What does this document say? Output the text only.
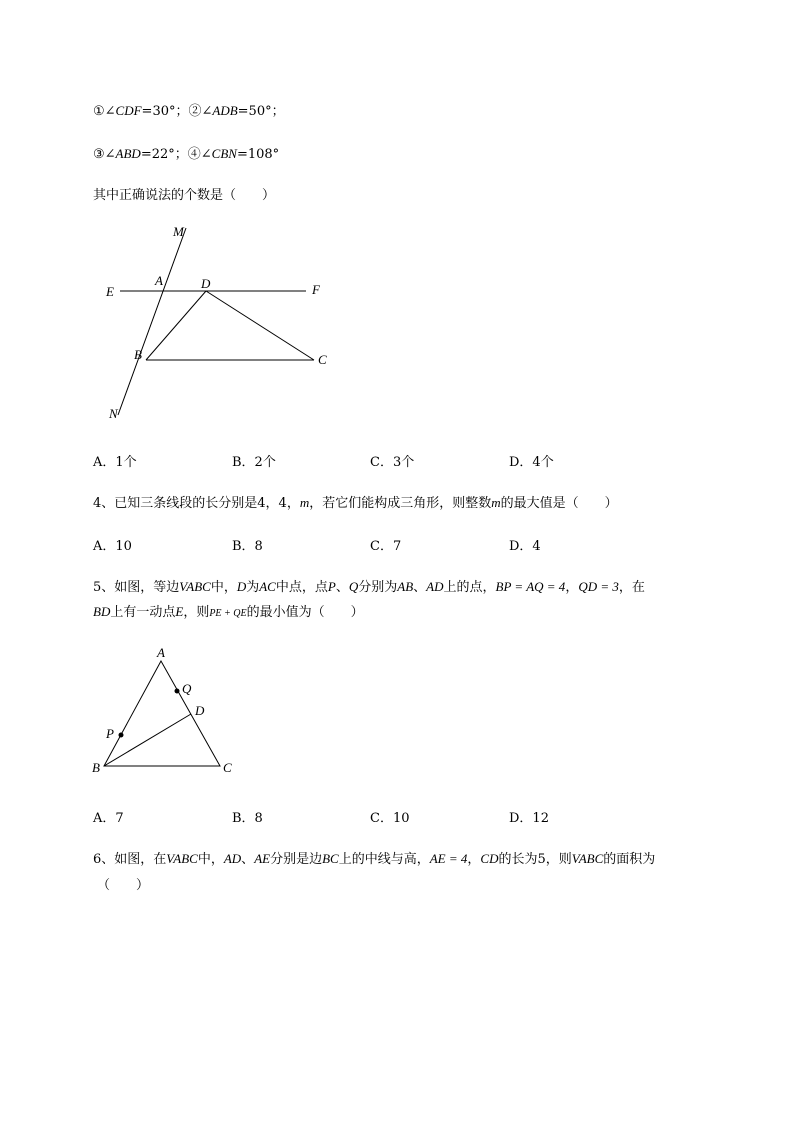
①∠CDF=30°；②∠ADB=50°；
③∠ABD=22°；④∠CBN=108°
其中正确说法的个数是（　　）
M
A	D
E	F
B	C
N
A．1个	B．2个	C．3个	D．4个
4、已知三条线段的长分别是4，4，m，若它们能构成三角形，则整数m的最大值是（　　）
A．10	B．8	C．7	D．4
5、如图，等边VABC中，D为AC中点，点P、Q分别为AB、AD上的点，BP = AQ = 4，QD = 3，在
BD上有一动点E，则PE + QE的最小值为（　　）
A
Q
D
P
B	C
A．7	B．8	C．10	D．12
6、如图，在VABC中，AD、AE分别是边BC上的中线与高，AE = 4，CD的长为5，则VABC的面积为
（　　）
